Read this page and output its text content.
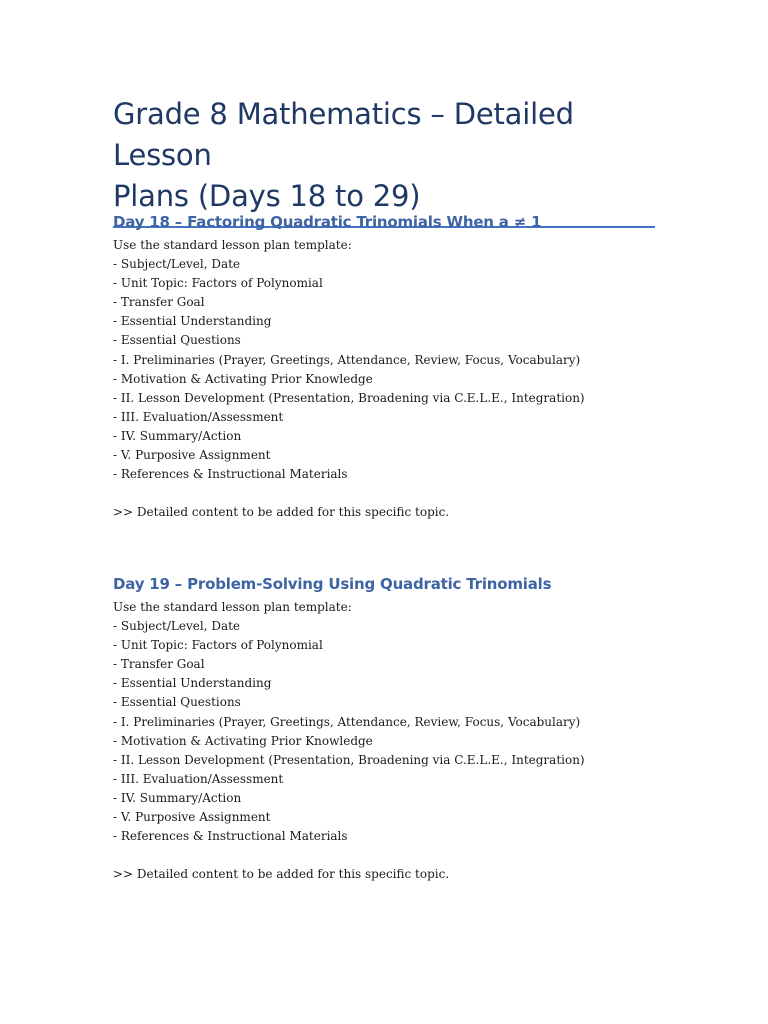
Grade 8 Mathematics – Detailed Lesson
Plans (Days 18 to 29)
Day 18 – Factoring Quadratic Trinomials When a ≠ 1

Use the standard lesson plan template:

- Subject/Level, Date

- Unit Topic: Factors of Polynomial

- Transfer Goal

- Essential Understanding

- Essential Questions

- I. Preliminaries (Prayer, Greetings, Attendance, Review, Focus, Vocabulary)

- Motivation & Activating Prior Knowledge

- II. Lesson Development (Presentation, Broadening via C.E.L.E., Integration)

- III. Evaluation/Assessment

- IV. Summary/Action

- V. Purposive Assignment

- References & Instructional Materials

>> Detailed content to be added for this specific topic.

Day 19 – Problem-Solving Using Quadratic Trinomials

Use the standard lesson plan template:

- Subject/Level, Date

- Unit Topic: Factors of Polynomial

- Transfer Goal

- Essential Understanding

- Essential Questions

- I. Preliminaries (Prayer, Greetings, Attendance, Review, Focus, Vocabulary)

- Motivation & Activating Prior Knowledge

- II. Lesson Development (Presentation, Broadening via C.E.L.E., Integration)

- III. Evaluation/Assessment

- IV. Summary/Action

- V. Purposive Assignment

- References & Instructional Materials

>> Detailed content to be added for this specific topic.
